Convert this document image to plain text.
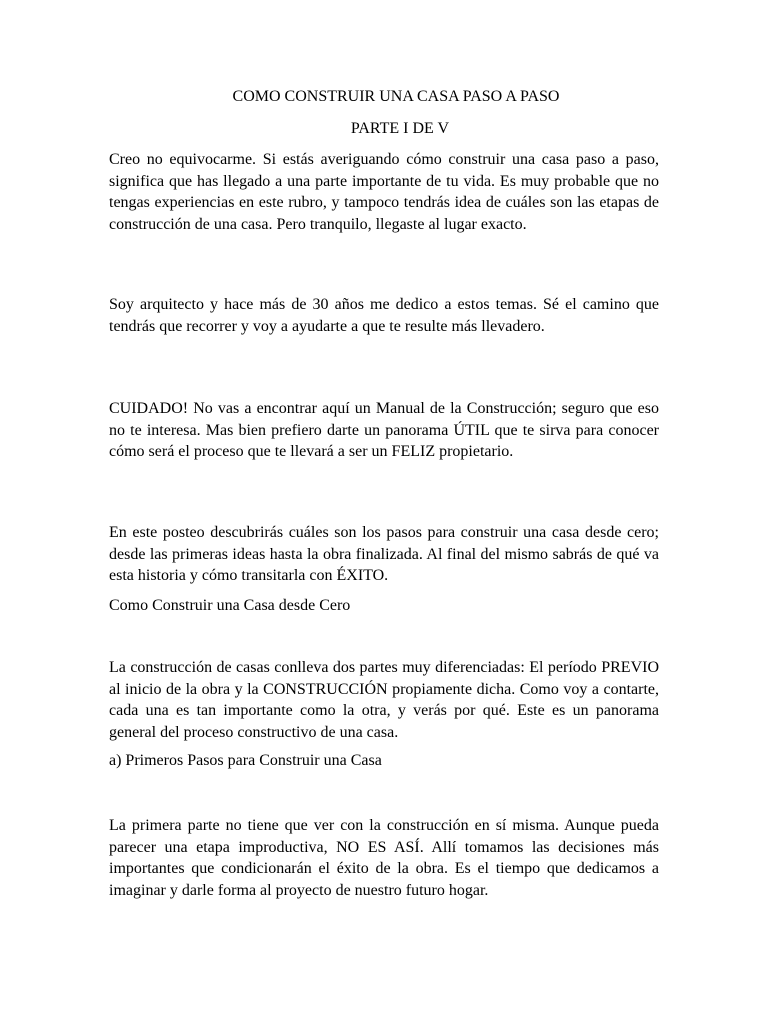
COMO CONSTRUIR UNA CASA PASO A PASO
PARTE I DE V

Creo no equivocarme. Si estás averiguando cómo construir una casa paso a paso, significa que has llegado a una parte importante de tu vida. Es muy probable que no tengas experiencias en este rubro, y tampoco tendrás idea de cuáles son las etapas de construcción de una casa. Pero tranquilo, llegaste al lugar exacto.

Soy arquitecto y hace más de 30 años me dedico a estos temas. Sé el camino que tendrás que recorrer y voy a ayudarte a que te resulte más llevadero.

CUIDADO! No vas a encontrar aquí un Manual de la Construcción; seguro que eso no te interesa. Mas bien prefiero darte un panorama ÚTIL que te sirva para conocer cómo será el proceso que te llevará a ser un FELIZ propietario.

En este posteo descubrirás cuáles son los pasos para construir una casa desde cero; desde las primeras ideas hasta la obra finalizada. Al final del mismo sabrás de qué va esta historia y cómo transitarla con ÉXITO.

Como Construir una Casa desde Cero

La construcción de casas conlleva dos partes muy diferenciadas: El período PREVIO al inicio de la obra y la CONSTRUCCIÓN propiamente dicha. Como voy a contarte, cada una es tan importante como la otra, y verás por qué. Este es un panorama general del proceso constructivo de una casa.

a) Primeros Pasos para Construir una Casa

La primera parte no tiene que ver con la construcción en sí misma. Aunque pueda parecer una etapa improductiva, NO ES ASÍ. Allí tomamos las decisiones más importantes que condicionarán el éxito de la obra. Es el tiempo que dedicamos a imaginar y darle forma al proyecto de nuestro futuro hogar.
